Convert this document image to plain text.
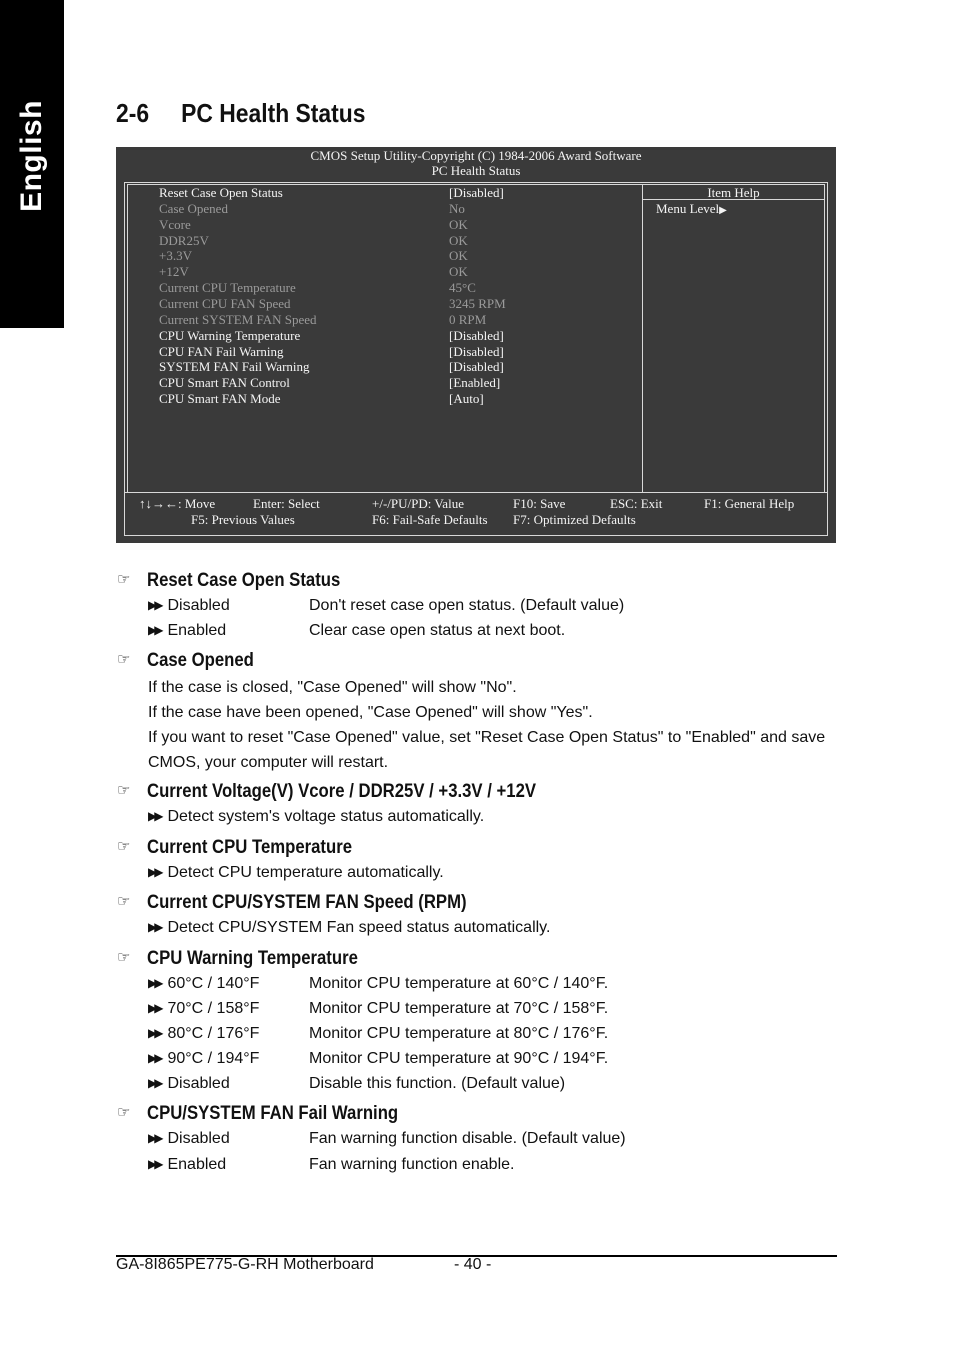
English	2-6 PC Health Status
CMOS Setup Utility-Copyright (C) 1984-2006 Award Software
PC Health Status
Item Help
Menu Level▶
Reset Case Open Status	[Disabled]
Case Opened	No
Vcore	OK
DDR25V	OK
+3.3V	OK
+12V	OK
Current CPU Temperature	45°C
Current CPU FAN Speed	3245 RPM
Current SYSTEM FAN Speed	0 RPM
CPU Warning Temperature	[Disabled]
CPU FAN Fail Warning	[Disabled]
SYSTEM FAN Fail Warning	[Disabled]
CPU Smart FAN Control	[Enabled]
CPU Smart FAN Mode	[Auto]
↑↓→←: Move	Enter: Select	+/-/PU/PD: Value	F10: Save	ESC: Exit	F1: General Help
F5: Previous Values	F6: Fail-Safe Defaults F7: Optimized Defaults
☞ Reset Case Open Status
▶▶ Disabled	Don't reset case open status. (Default value)
▶▶ Enabled	Clear case open status at next boot.
☞ Case Opened

If the case is closed, "Case Opened" will show "No".

If the case have been opened, "Case Opened" will show "Yes".

If you want to reset "Case Opened" value, set "Reset Case Open Status" to "Enabled" and save CMOS, your computer will restart.

☞ Current Voltage(V) Vcore / DDR25V / +3.3V / +12V
▶▶ Detect system's voltage status automatically.
☞ Current CPU Temperature
▶▶ Detect CPU temperature automatically.
☞ Current CPU/SYSTEM FAN Speed (RPM)
▶▶ Detect CPU/SYSTEM Fan speed status automatically.
☞ CPU Warning Temperature
▶▶ 60°C / 140°F	Monitor CPU temperature at 60°C / 140°F.
▶▶ 70°C / 158°F	Monitor CPU temperature at 70°C / 158°F.
▶▶ 80°C / 176°F	Monitor CPU temperature at 80°C / 176°F.
▶▶ 90°C / 194°F	Monitor CPU temperature at 90°C / 194°F.
▶▶ Disabled	Disable this function. (Default value)
☞ CPU/SYSTEM FAN Fail Warning
▶▶ Disabled	Fan warning function disable. (Default value)
▶▶ Enabled	Fan warning function enable.
GA-8I865PE775-G-RH Motherboard	- 40 -
